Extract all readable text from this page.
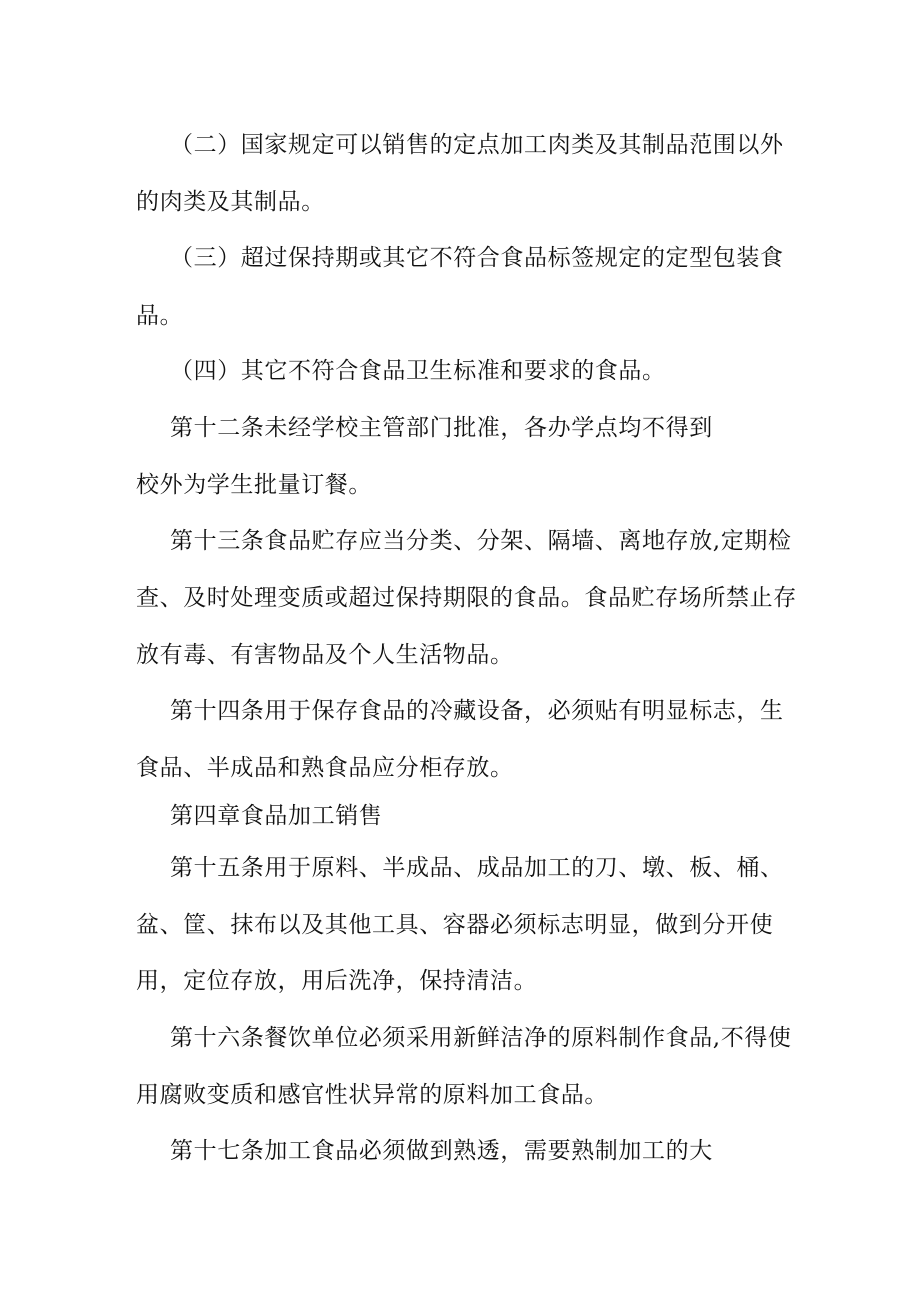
（二）国家规定可以销售的定点加工肉类及其制品范围以外
的肉类及其制品。
（三）超过保持期或其它不符合食品标签规定的定型包装食
品。
（四）其它不符合食品卫生标准和要求的食品。
第十二条未经学校主管部门批准，各办学点均不得到
校外为学生批量订餐。
第十三条食品贮存应当分类、分架、隔墙、离地存放,定期检
查、及时处理变质或超过保持期限的食品。食品贮存场所禁止存
放有毒、有害物品及个人生活物品。
第十四条用于保存食品的冷藏设备，必须贴有明显标志，生
食品、半成品和熟食品应分柜存放。
第四章食品加工销售
第十五条用于原料、半成品、成品加工的刀、墩、板、桶、
盆、筐、抹布以及其他工具、容器必须标志明显，做到分开使
用，定位存放，用后洗净，保持清洁。
第十六条餐饮单位必须采用新鲜洁净的原料制作食品,不得使
用腐败变质和感官性状异常的原料加工食品。
第十七条加工食品必须做到熟透，需要熟制加工的大
